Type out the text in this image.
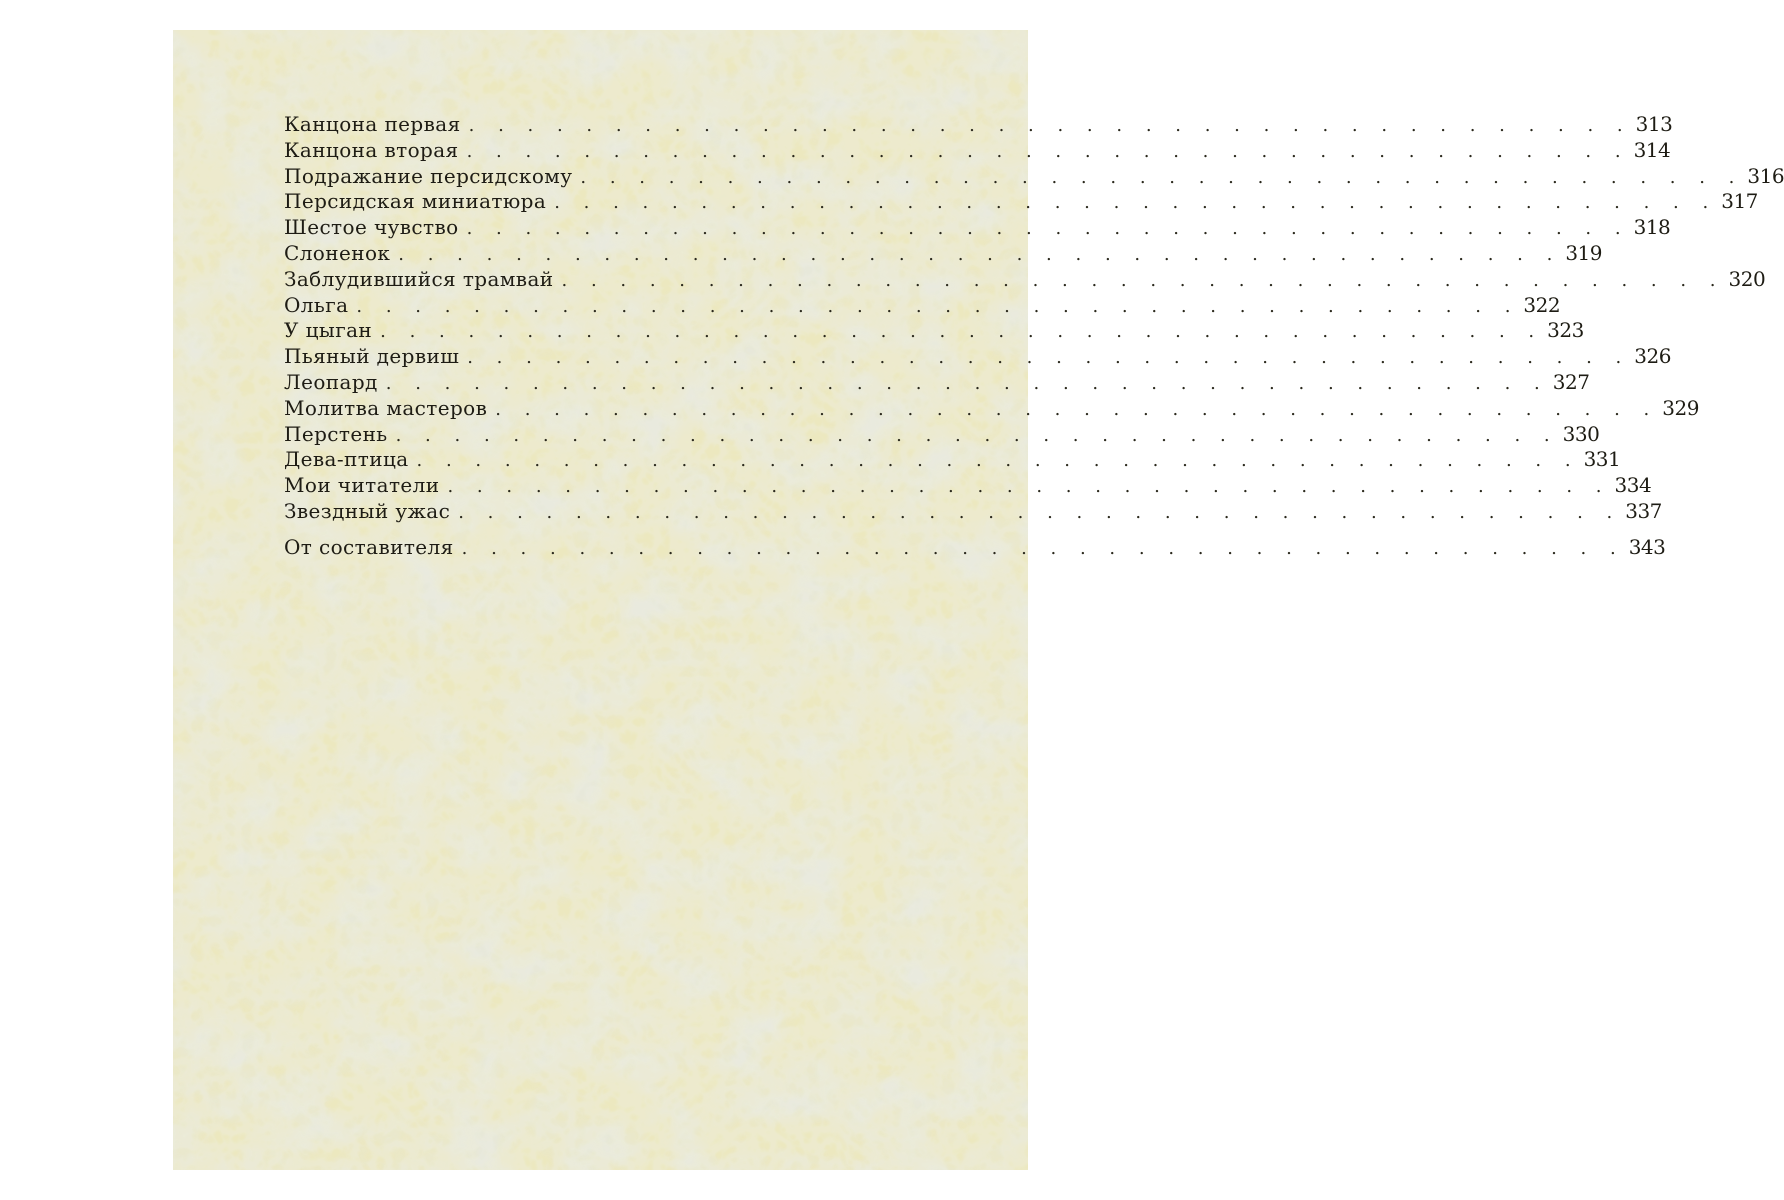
Канцона первая . . . . . . . . . . . . . . . . . . . . . . . . . . . . . . . . . . . . . . . . 313
Канцона вторая . . . . . . . . . . . . . . . . . . . . . . . . . . . . . . . . . . . . . . . . 314
Подражание персидскому . . . . . . . . . . . . . . . . . . . . . . . . . . . . . . . . . . . . . . . . 316
Персидская миниатюра . . . . . . . . . . . . . . . . . . . . . . . . . . . . . . . . . . . . . . . . 317
Шестое чувство . . . . . . . . . . . . . . . . . . . . . . . . . . . . . . . . . . . . . . . . 318
Слоненок . . . . . . . . . . . . . . . . . . . . . . . . . . . . . . . . . . . . . . . . 319
Заблудившийся трамвай . . . . . . . . . . . . . . . . . . . . . . . . . . . . . . . . . . . . . . . . 320
Ольга . . . . . . . . . . . . . . . . . . . . . . . . . . . . . . . . . . . . . . . . 322
У цыган . . . . . . . . . . . . . . . . . . . . . . . . . . . . . . . . . . . . . . . . 323
Пьяный дервиш . . . . . . . . . . . . . . . . . . . . . . . . . . . . . . . . . . . . . . . . 326
Леопард . . . . . . . . . . . . . . . . . . . . . . . . . . . . . . . . . . . . . . . . 327
Молитва мастеров . . . . . . . . . . . . . . . . . . . . . . . . . . . . . . . . . . . . . . . . 329
Перстень . . . . . . . . . . . . . . . . . . . . . . . . . . . . . . . . . . . . . . . . 330
Дева-птица . . . . . . . . . . . . . . . . . . . . . . . . . . . . . . . . . . . . . . . . 331
Мои читатели . . . . . . . . . . . . . . . . . . . . . . . . . . . . . . . . . . . . . . . . 334
Звездный ужас . . . . . . . . . . . . . . . . . . . . . . . . . . . . . . . . . . . . . . . . 337
От составителя . . . . . . . . . . . . . . . . . . . . . . . . . . . . . . . . . . . . . . . . 343
